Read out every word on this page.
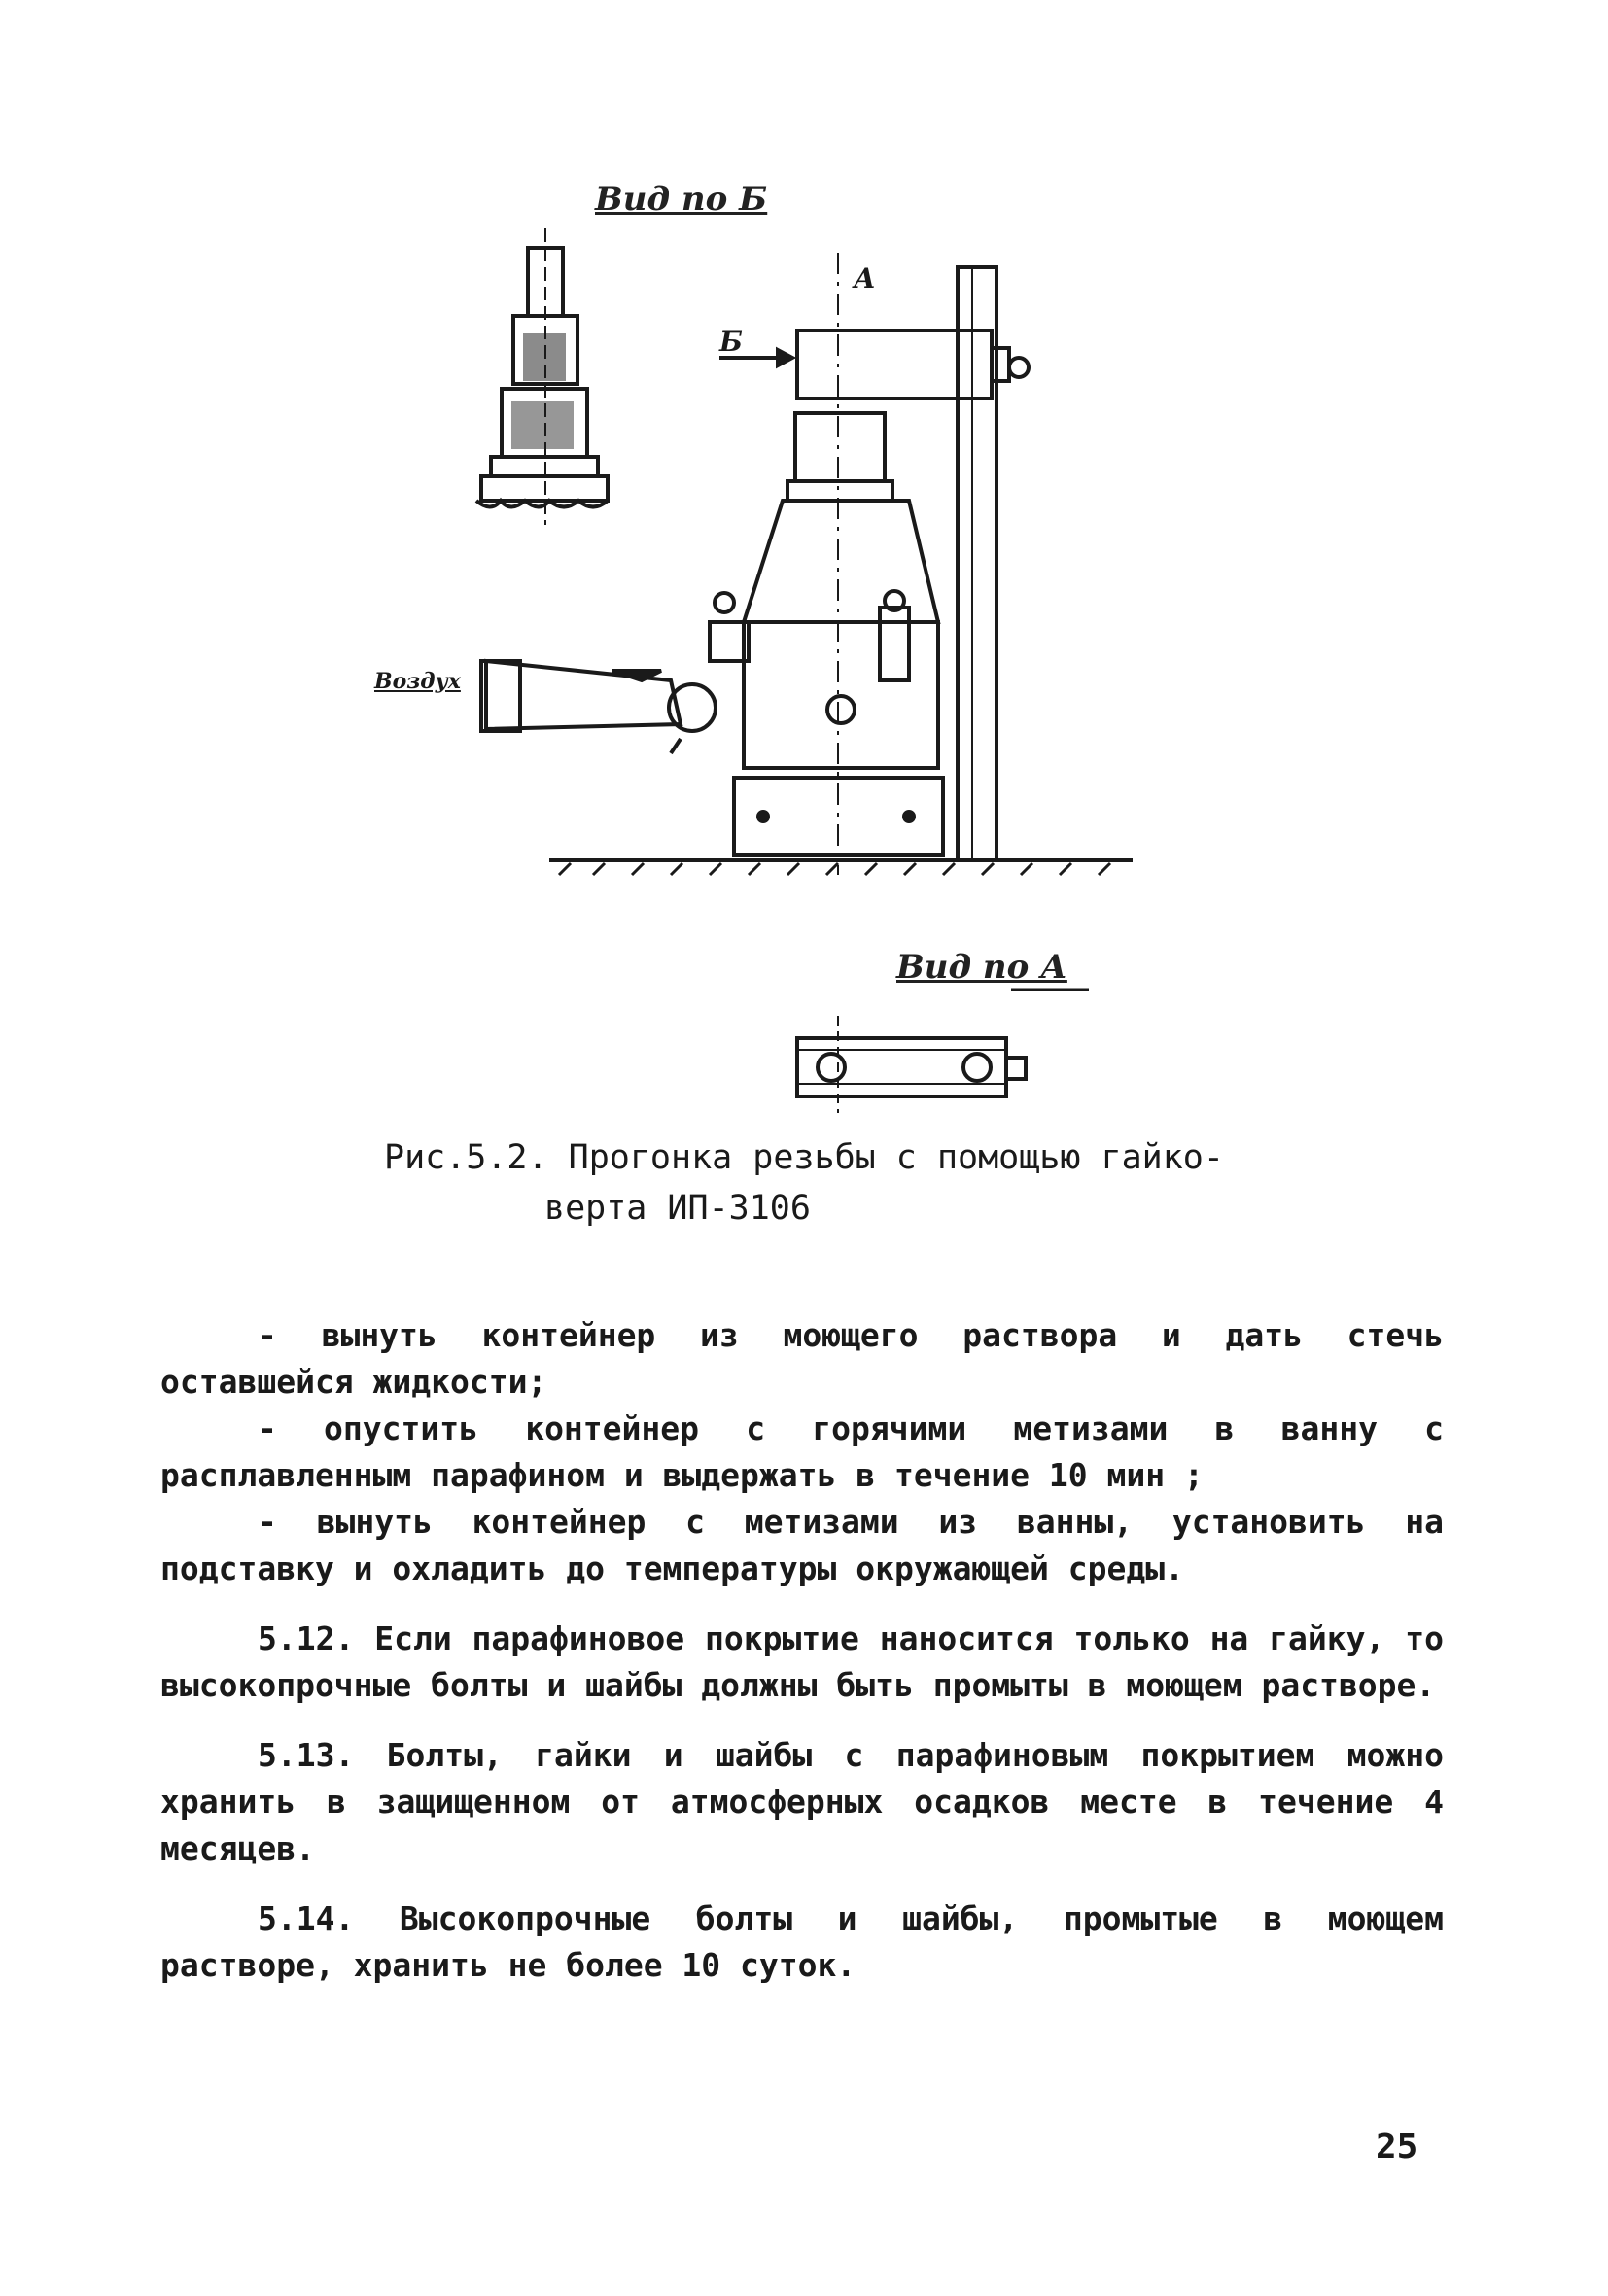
Вид по Б
А
Б
Воздух
Вид по А
Рис.5.2. Прогонка резьбы с помощью гайко-
верта ИП-3106

- вынуть контейнер из моющего раствора и дать стечь оставшейся жидкости;

- опустить контейнер с горячими метизами в ванну с расплавленным парафином и выдержать в течение 10 мин ;

- вынуть контейнер с метизами из ванны, установить на подставку и охладить до температуры окружающей среды.

5.12. Если парафиновое покрытие наносится только на гайку, то высокопрочные болты и шайбы должны быть промыты в моющем растворе.

5.13. Болты, гайки и шайбы с парафиновым покрытием можно хранить в защищенном от атмосферных осадков месте в течение 4 месяцев.

5.14. Высокопрочные болты и шайбы, промытые в моющем растворе, хранить не более 10 суток.

25
